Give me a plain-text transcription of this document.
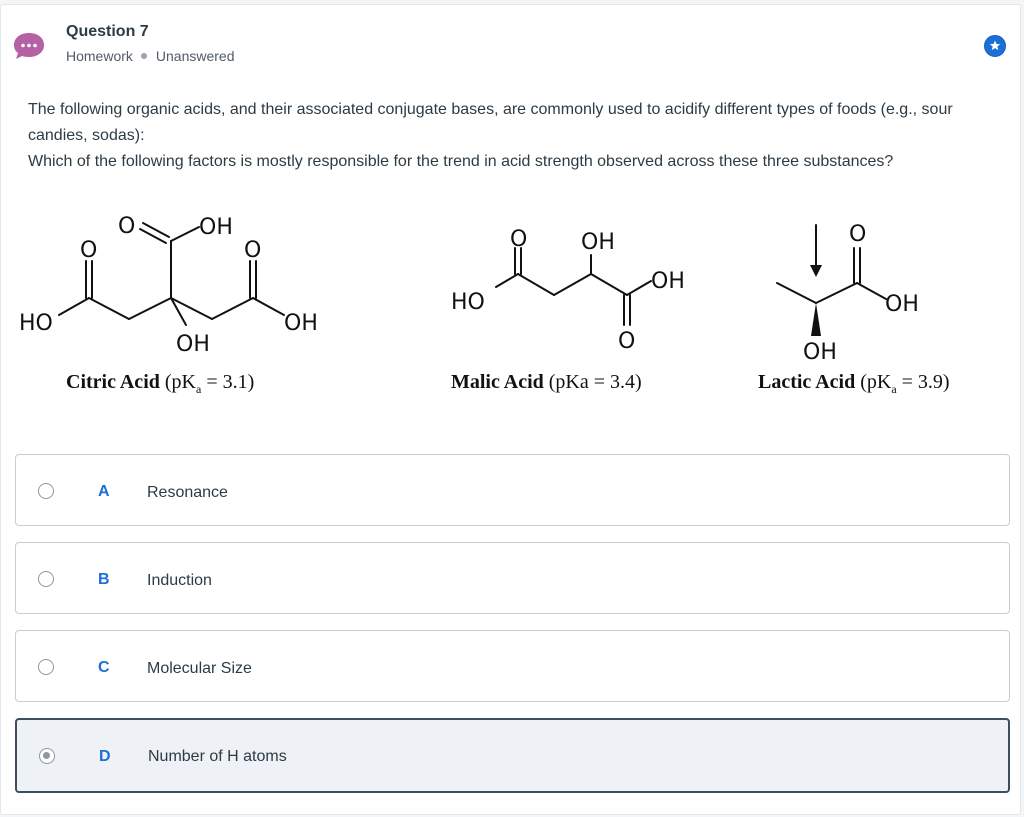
Question 7
Homework Unanswered

The following organic acids, and their associated conjugate bases, are commonly used to acidify different types of foods (e.g., sour candies, sodas):

Which of the following factors is mostly responsible for the trend in acid strength observed across these three substances?

HO	OH
OH
OH
O	O
O
HO
OH
OH
O
O
OH
OH
O
Citric Acid $(pK_a = 3.1)$	Malic Acid (pKa = 3.4)	Lactic Acid $(pK_a = 3.9)$
A Resonance
B Induction
C Molecular Size
D Number of H atoms
